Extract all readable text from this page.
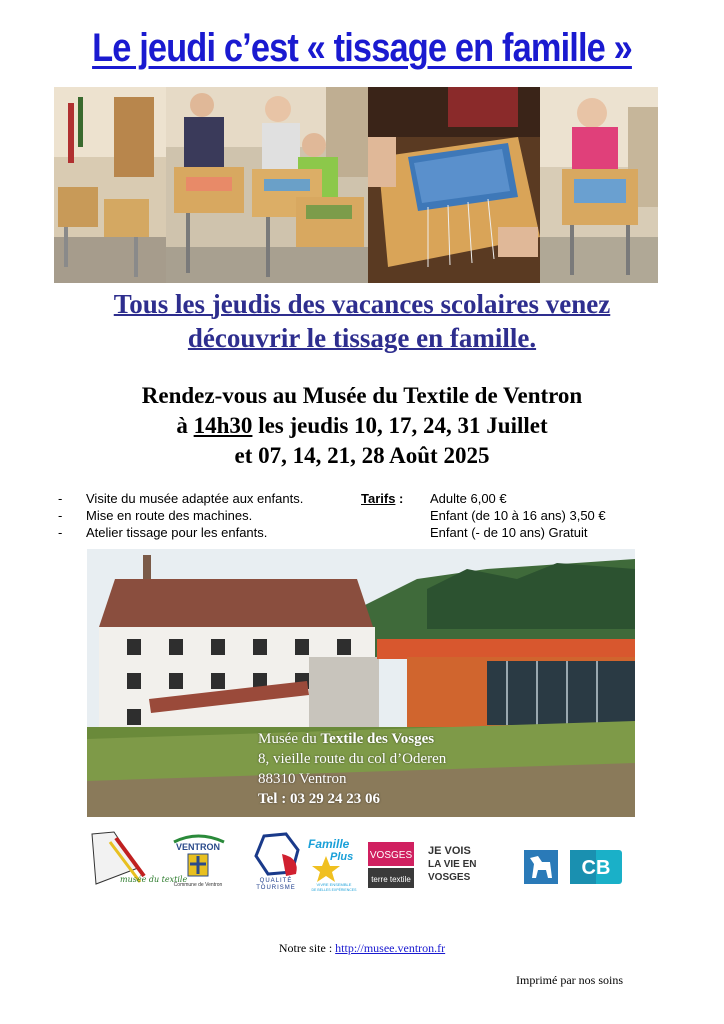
Le jeudi c’est « tissage en famille »
Tous les jeudis des vacances scolaires venez
découvrir le tissage en famille.
Rendez-vous au Musée du Textile de Ventron
à 14h30 les jeudis 10, 17, 24, 31 Juillet
et 07, 14, 21, 28 Août 2025
- Visite du musée adaptée aux enfants.
- Mise en route des machines.
- Atelier tissage pour les enfants.
Tarifs : Adulte 6,00 €
Enfant (de 10 à 16 ans) 3,50 €
Enfant (- de 10 ans) Gratuit
Musée du Textile des Vosges
8, vieille route du col d’Oderen
88310 Ventron
Tel : 03 29 24 23 06
musée du textile
VENTRON
Commune de Ventron
QUALITÉ
TOURISME
Famille
Plus
VIVRE ENSEMBLE
DE BELLES EXPÉRIENCES
VOSGES
terre textile
JE VOIS
LA VIE EN
VOSGES	CB
Notre site : http://musee.ventron.fr
Imprimé par nos soins
